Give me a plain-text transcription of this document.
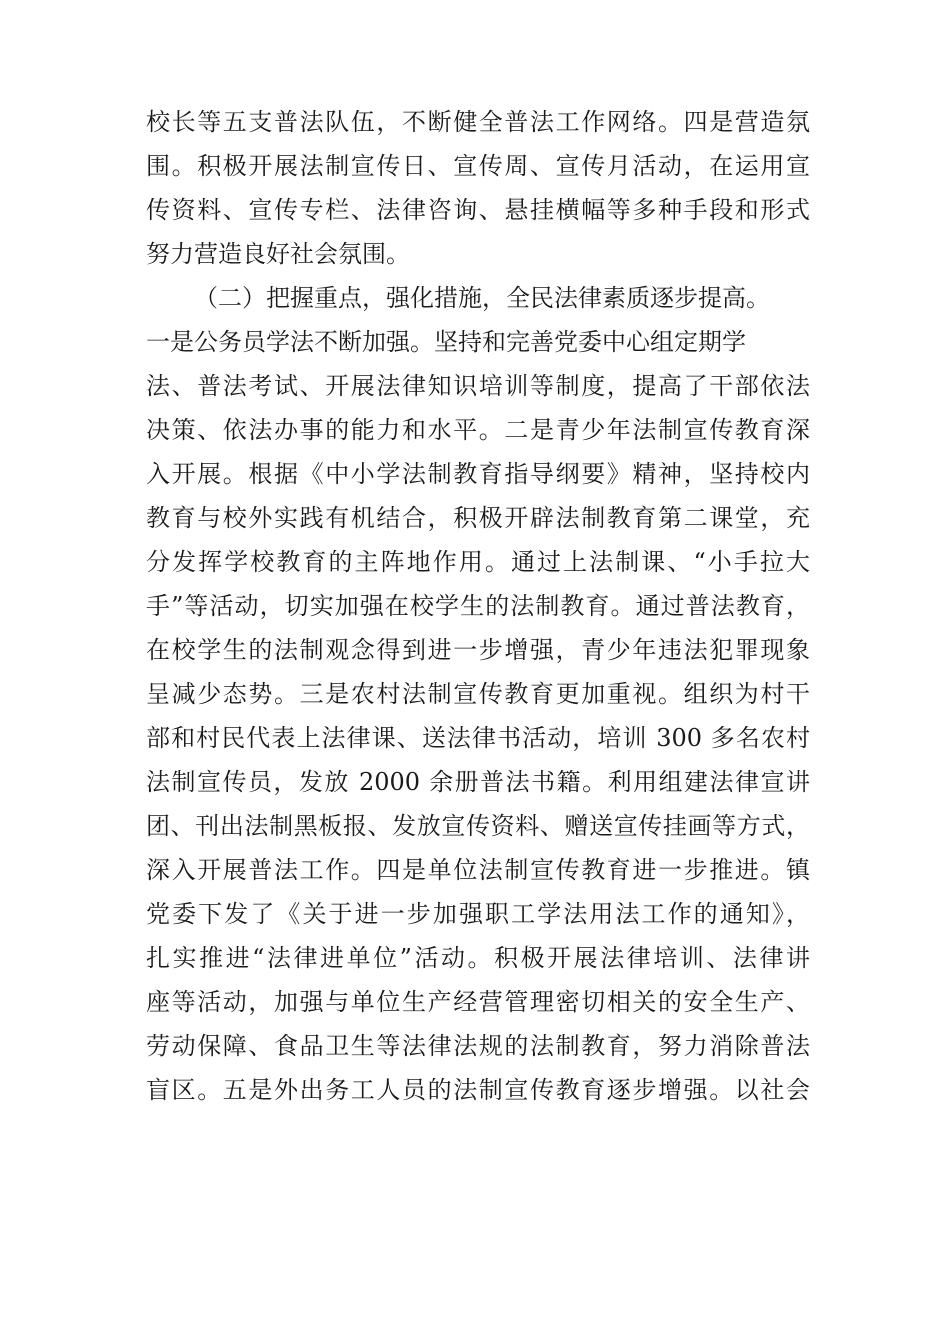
校长等五支普法队伍，不断健全普法工作网络。四是营造氛
围。积极开展法制宣传日、宣传周、宣传月活动，在运用宣
传资料、宣传专栏、法律咨询、悬挂横幅等多种手段和形式
努力营造良好社会氛围。
（二）把握重点，强化措施，全民法律素质逐步提高。
一是公务员学法不断加强。坚持和完善党委中心组定期学
法、普法考试、开展法律知识培训等制度，提高了干部依法
决策、依法办事的能力和水平。二是青少年法制宣传教育深
入开展。根据《中小学法制教育指导纲要》精神，坚持校内
教育与校外实践有机结合，积极开辟法制教育第二课堂，充
分发挥学校教育的主阵地作用。通过上法制课、“小手拉大
手”等活动，切实加强在校学生的法制教育。通过普法教育，
在校学生的法制观念得到进一步增强，青少年违法犯罪现象
呈减少态势。三是农村法制宣传教育更加重视。组织为村干
部和村民代表上法律课、送法律书活动，培训 300 多名农村
法制宣传员，发放 2000 余册普法书籍。利用组建法律宣讲
团、刊出法制黑板报、发放宣传资料、赠送宣传挂画等方式，
深入开展普法工作。四是单位法制宣传教育进一步推进。镇
党委下发了《关于进一步加强职工学法用法工作的通知》，
扎实推进“法律进单位”活动。积极开展法律培训、法律讲
座等活动，加强与单位生产经营管理密切相关的安全生产、
劳动保障、食品卫生等法律法规的法制教育，努力消除普法
盲区。五是外出务工人员的法制宣传教育逐步增强。以社会
